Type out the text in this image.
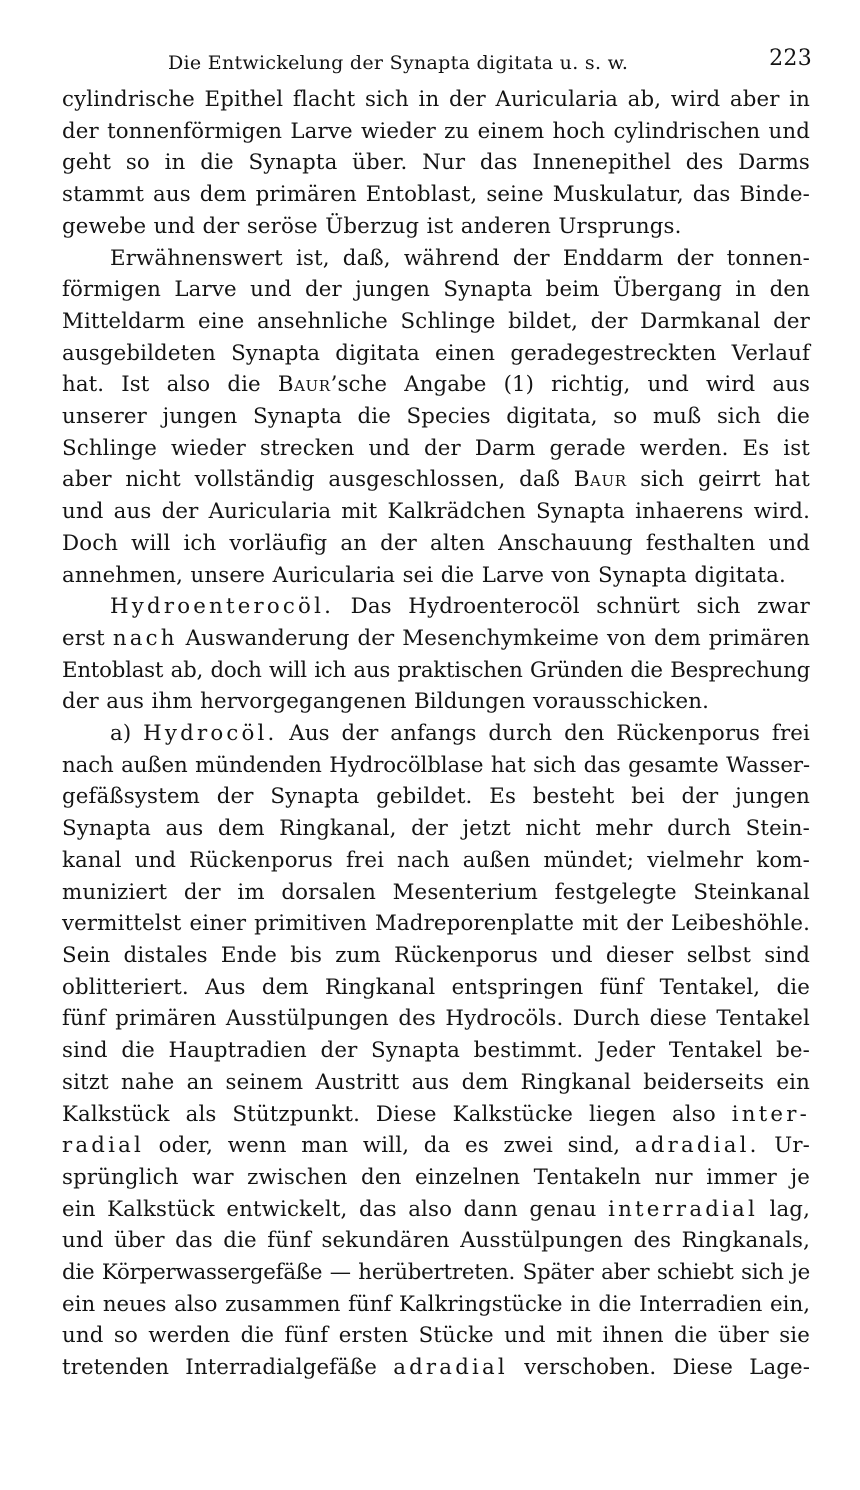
Die Entwickelung der Synapta digitata u. s. w.	223
cylindrische Epithel flacht sich in der Auricularia ab, wird aber in
der tonnenförmigen Larve wieder zu einem hoch cylindrischen und
geht so in die Synapta über. Nur das Innenepithel des Darms
stammt aus dem primären Entoblast, seine Muskulatur, das Binde-
gewebe und der seröse Überzug ist anderen Ursprungs.
Erwähnenswert ist, daß, während der Enddarm der tonnen-
förmigen Larve und der jungen Synapta beim Übergang in den
Mitteldarm eine ansehnliche Schlinge bildet, der Darmkanal der
ausgebildeten Synapta digitata einen geradegestreckten Verlauf
hat. Ist also die Baur’sche Angabe (1) richtig, und wird aus
unserer jungen Synapta die Species digitata, so muß sich die
Schlinge wieder strecken und der Darm gerade werden. Es ist
aber nicht vollständig ausgeschlossen, daß Baur sich geirrt hat
und aus der Auricularia mit Kalkrädchen Synapta inhaerens wird.
Doch will ich vorläufig an der alten Anschauung festhalten und
annehmen, unsere Auricularia sei die Larve von Synapta digitata.
Hydroenterocöl. Das Hydroenterocöl schnürt sich zwar
erst nach Auswanderung der Mesenchymkeime von dem primären
Entoblast ab, doch will ich aus praktischen Gründen die Besprechung
der aus ihm hervorgegangenen Bildungen vorausschicken.
a) Hydrocöl. Aus der anfangs durch den Rückenporus frei
nach außen mündenden Hydrocölblase hat sich das gesamte Wasser-
gefäßsystem der Synapta gebildet. Es besteht bei der jungen
Synapta aus dem Ringkanal, der jetzt nicht mehr durch Stein-
kanal und Rückenporus frei nach außen mündet; vielmehr kom-
muniziert der im dorsalen Mesenterium festgelegte Steinkanal
vermittelst einer primitiven Madreporenplatte mit der Leibeshöhle.
Sein distales Ende bis zum Rückenporus und dieser selbst sind
oblitteriert. Aus dem Ringkanal entspringen fünf Tentakel, die
fünf primären Ausstülpungen des Hydrocöls. Durch diese Tentakel
sind die Hauptradien der Synapta bestimmt. Jeder Tentakel be-
sitzt nahe an seinem Austritt aus dem Ringkanal beiderseits ein
Kalkstück als Stützpunkt. Diese Kalkstücke liegen also inter-
radial oder, wenn man will, da es zwei sind, adradial. Ur-
sprünglich war zwischen den einzelnen Tentakeln nur immer je
ein Kalkstück entwickelt, das also dann genau interradial lag,
und über das die fünf sekundären Ausstülpungen des Ringkanals,
die Körperwassergefäße — herübertreten. Später aber schiebt sich je
ein neues also zusammen fünf Kalkringstücke in die Interradien ein,
und so werden die fünf ersten Stücke und mit ihnen die über sie
tretenden Interradialgefäße adradial verschoben. Diese Lage-
